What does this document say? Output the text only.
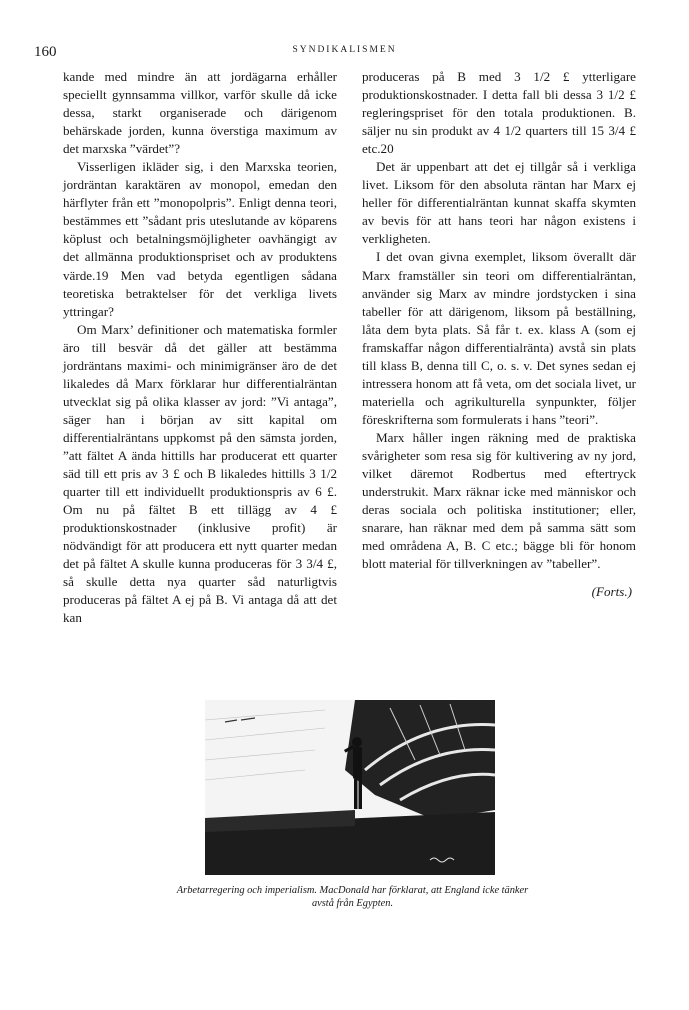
160	SYNDIKALISMEN

kande med mindre än att jordägarna erhåller speciellt gynnsamma villkor, varför skulle då icke dessa, starkt organiserade och därigenom behärskade jorden, kunna överstiga maximum av det marxska ”värdet”?

Visserligen ikläder sig, i den Marxska teorien, jordräntan karaktären av monopol, emedan den härflyter från ett ”monopolpris”. Enligt denna teori, bestämmes ett ”sådant pris uteslutande av köparens köplust och betalningsmöjligheter oavhängigt av det allmänna produktionspriset och av produktens värde.19 Men vad betyda egentligen sådana teoretiska betraktelser för det verkliga livets yttringar?

Om Marx’ definitioner och matematiska formler äro till besvär då det gäller att bestämma jordräntans maximi- och minimigränser äro de det likaledes då Marx förklarar hur differentialräntan utvecklat sig på olika klasser av jord: ”Vi antaga”, säger han i början av sitt kapital om differentialräntans uppkomst på den sämsta jorden, ”att fältet A ända hittills har producerat ett quarter säd till ett pris av 3 £ och B likaledes hittills 3 1/2 quarter till ett individuellt produktionspris av 6 £. Om nu på fältet B ett tillägg av 4 £ produktionskostnader (inklusive profit) är nödvändigt för att producera ett nytt quarter medan det på fältet A skulle kunna produceras för 3 3/4 £, så skulle detta nya quarter såd naturligtvis produceras på fältet A ej på B. Vi antaga då att det kan

produceras på B med 3 1/2 £ ytterligare produktionskostnader. I detta fall bli dessa 3 1/2 £ regleringspriset för den totala produktionen. B. säljer nu sin produkt av 4 1/2 quarters till 15 3/4 £ etc.20

Det är uppenbart att det ej tillgår så i verkliga livet. Liksom för den absoluta räntan har Marx ej heller för differentialräntan kunnat skaffa skymten av bevis för att hans teori har någon existens i verkligheten.

I det ovan givna exemplet, liksom överallt där Marx framställer sin teori om differentialräntan, använder sig Marx av mindre jordstycken i sina tabeller för att därigenom, liksom på beställning, låta dem byta plats. Så får t. ex. klass A (som ej framskaffar någon differentialränta) avstå sin plats till klass B, denna till C, o. s. v. Det synes sedan ej intressera honom att få veta, om det sociala livet, ur materiella och agrikulturella synpunkter, följer föreskrifterna som formulerats i hans ”teori”.

Marx håller ingen räkning med de praktiska svårigheter som resa sig för kultivering av ny jord, vilket däremot Rodbertus med eftertryck understrukit. Marx räknar icke med människor och deras sociala och politiska institutioner; eller, snarare, han räknar med dem på samma sätt som med områdena A, B. C etc.; bägge bli för honom blott material för tillverkningen av ”tabeller”.

(Forts.)

Arbetarregering och imperialism. MacDonald har förklarat, att England icke tänker avstå från Egypten.
